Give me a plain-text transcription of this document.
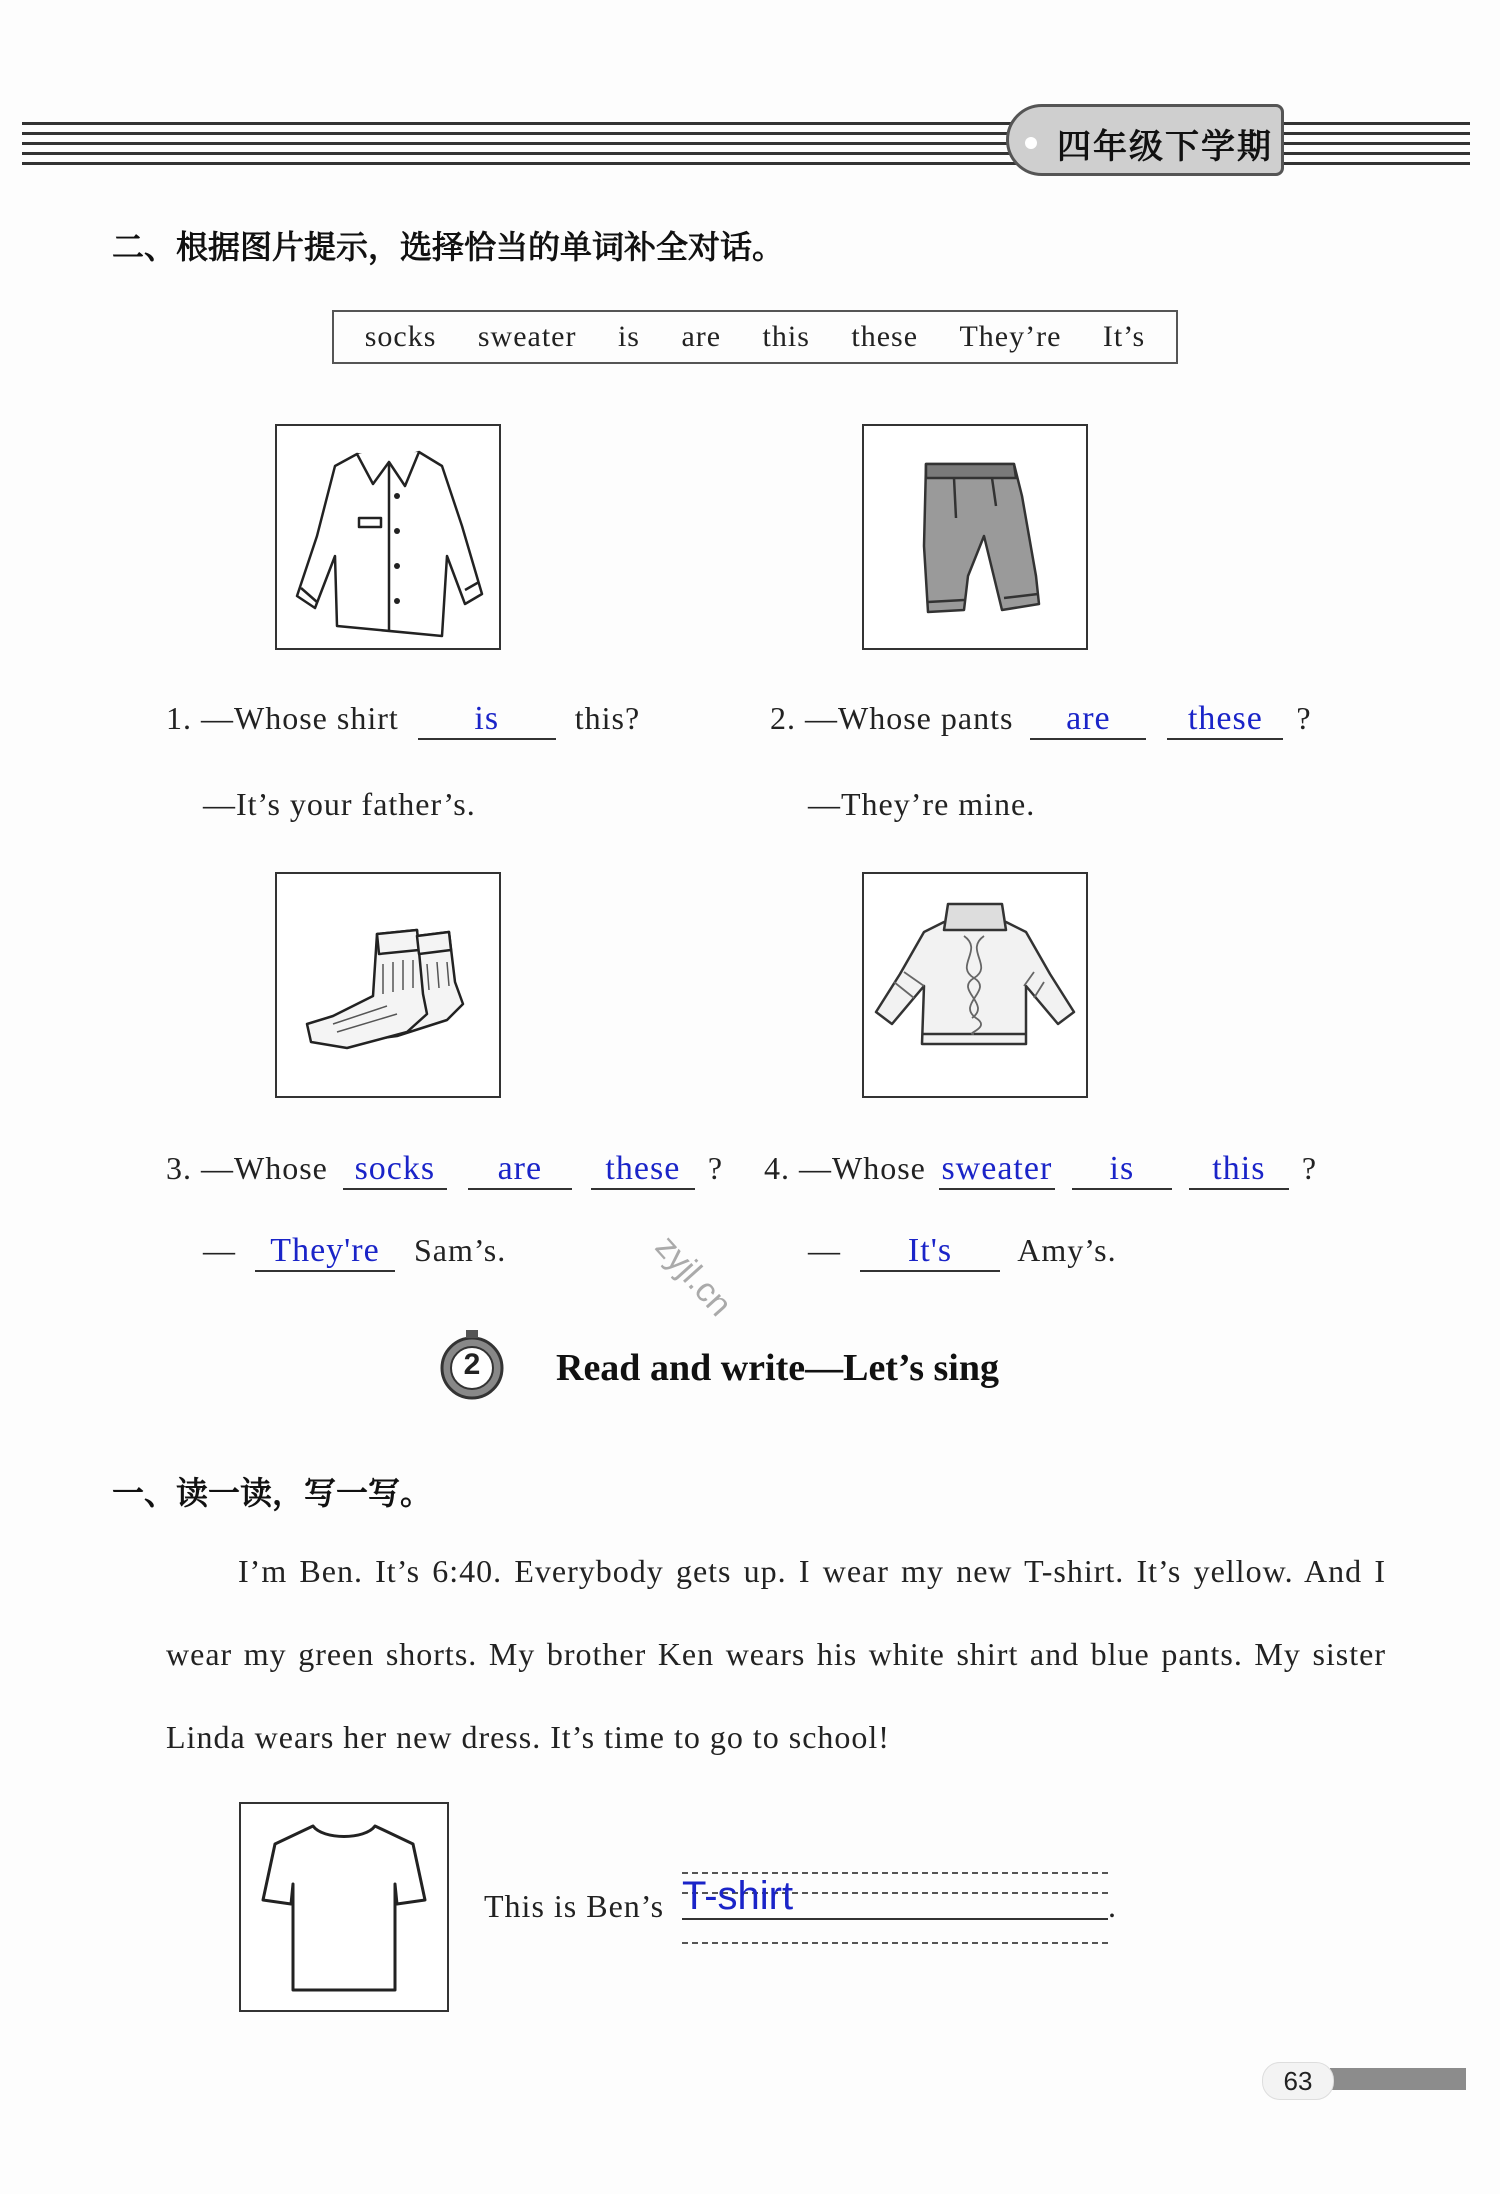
四年级下学期
二、根据图片提示，选择恰当的单词补全对话。
socks sweater is are this these They’re It’s
1. —Whose shirt is this?
—It’s your father’s.
2. —Whose pants are these ?
—They’re mine.
3. —Whose socks are these ?
— They're Sam’s.
4. —Whose sweater is this ?
— It's Amy’s.
zyjl.cn
2	Read and write—Let’s sing
一、读一读，写一写。
I’m Ben. It’s 6:40. Everybody gets up. I wear my new T-shirt. It’s yellow. And I wear my green shorts. My brother Ken wears his white shirt and blue pants. My sister Linda wears her new dress. It’s time to go to school!
This is Ben’s T-shirt	.
63
